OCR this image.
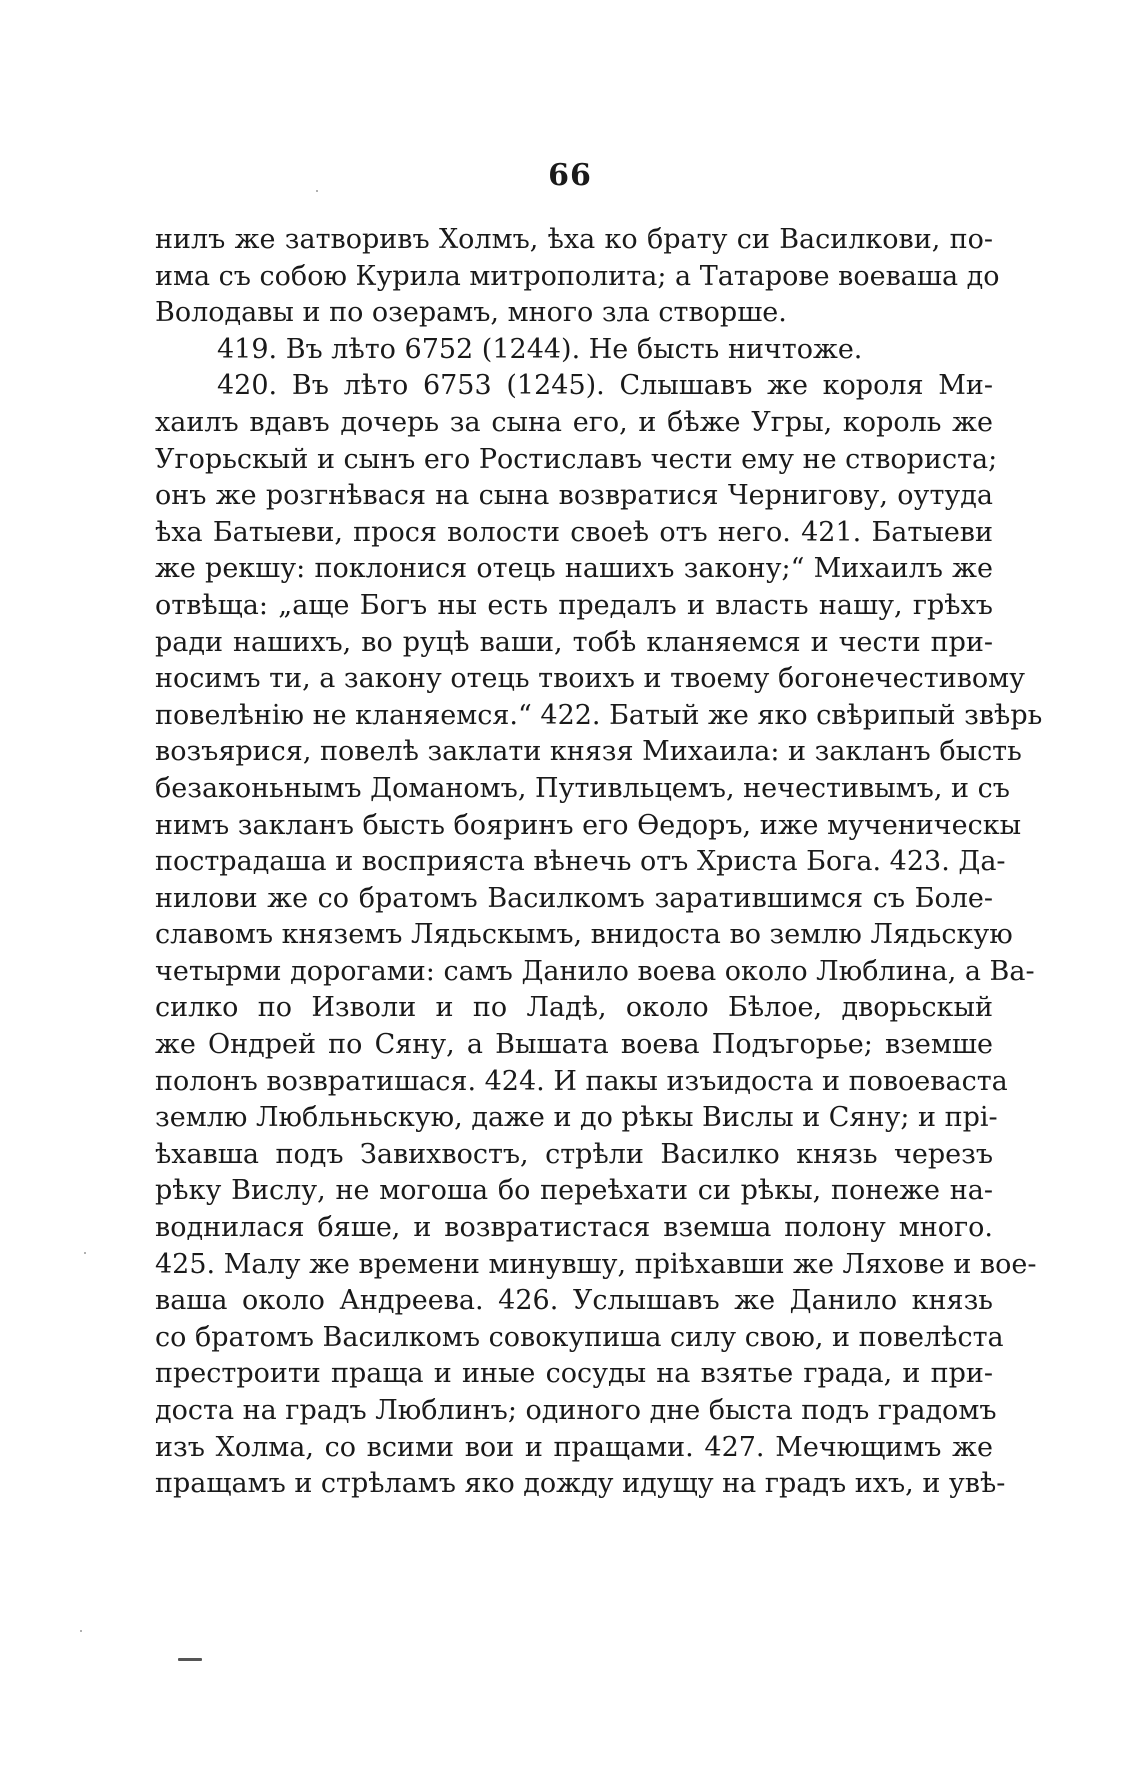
66
нилъ же затворивъ Холмъ, ѣха ко брату си Василкови, по-
има съ собою Курила митрополита; а Татарове воеваша до
Володавы и по озерамъ, много зла створше.
419. Въ лѣто 6752 (1244). Не бысть ничтоже.
420. Въ лѣто 6753 (1245). Слышавъ же короля Ми-
хаилъ вдавъ дочерь за сына его, и бѣже Угры, король же
Угорьскый и сынъ его Ростиславъ чести ему не створиста;
онъ же розгнѣвася на сына возвратися Чернигову, оутуда
ѣха Батыеви, прося волости своеѣ отъ него. 421. Батыеви
же рекшу: поклонися отець нашихъ закону;“ Михаилъ же
отвѣща: „аще Богъ ны есть предалъ и власть нашу, грѣхъ
ради нашихъ, во руцѣ ваши, тобѣ кланяемся и чести при-
носимъ ти, а закону отець твоихъ и твоему богонечестивому
повелѣнію не кланяемся.“ 422. Батый же яко свѣрипый звѣрь
возъярися, повелѣ заклати князя Михаила: и закланъ бысть
безаконьнымъ Доманомъ, Путивльцемъ, нечестивымъ, и съ
нимъ закланъ бысть бояринъ его Ѳедоръ, иже мученическы
пострадаша и восприяста вѣнечь отъ Христа Бога. 423. Да-
нилови же со братомъ Василкомъ заратившимся съ Боле-
славомъ княземъ Лядьскымъ, внидоста во землю Лядьскую
четырми дорогами: самъ Данило воева около Люблина, а Ва-
силко по Изволи и по Ладѣ, около Бѣлое, дворьскый
же Ондрей по Сяну, а Вышата воева Подъгорье; вземше
полонъ возвратишася. 424. И пакы изъидоста и повоеваста
землю Любльньскую, даже и до рѣкы Вислы и Сяну; и прі-
ѣхавша подъ Завихвостъ, стрѣли Василко князь черезъ
рѣку Вислу, не могоша бо переѣхати си рѣкы, понеже на-
воднилася бяше, и возвратистася вземша полону много.
425. Малу же времени минувшу, пріѣхавши же Ляхове и вое-
ваша около Андреева. 426. Услышавъ же Данило князь
со братомъ Василкомъ совокупиша силу свою, и повелѣста
престроити праща и иные сосуды на взятье града, и при-
доста на градъ Люблинъ; одиного дне быста подъ градомъ
изъ Холма, со всими вои и пращами. 427. Мечющимъ же
пращамъ и стрѣламъ яко дожду идущу на градъ ихъ, и увѣ-
